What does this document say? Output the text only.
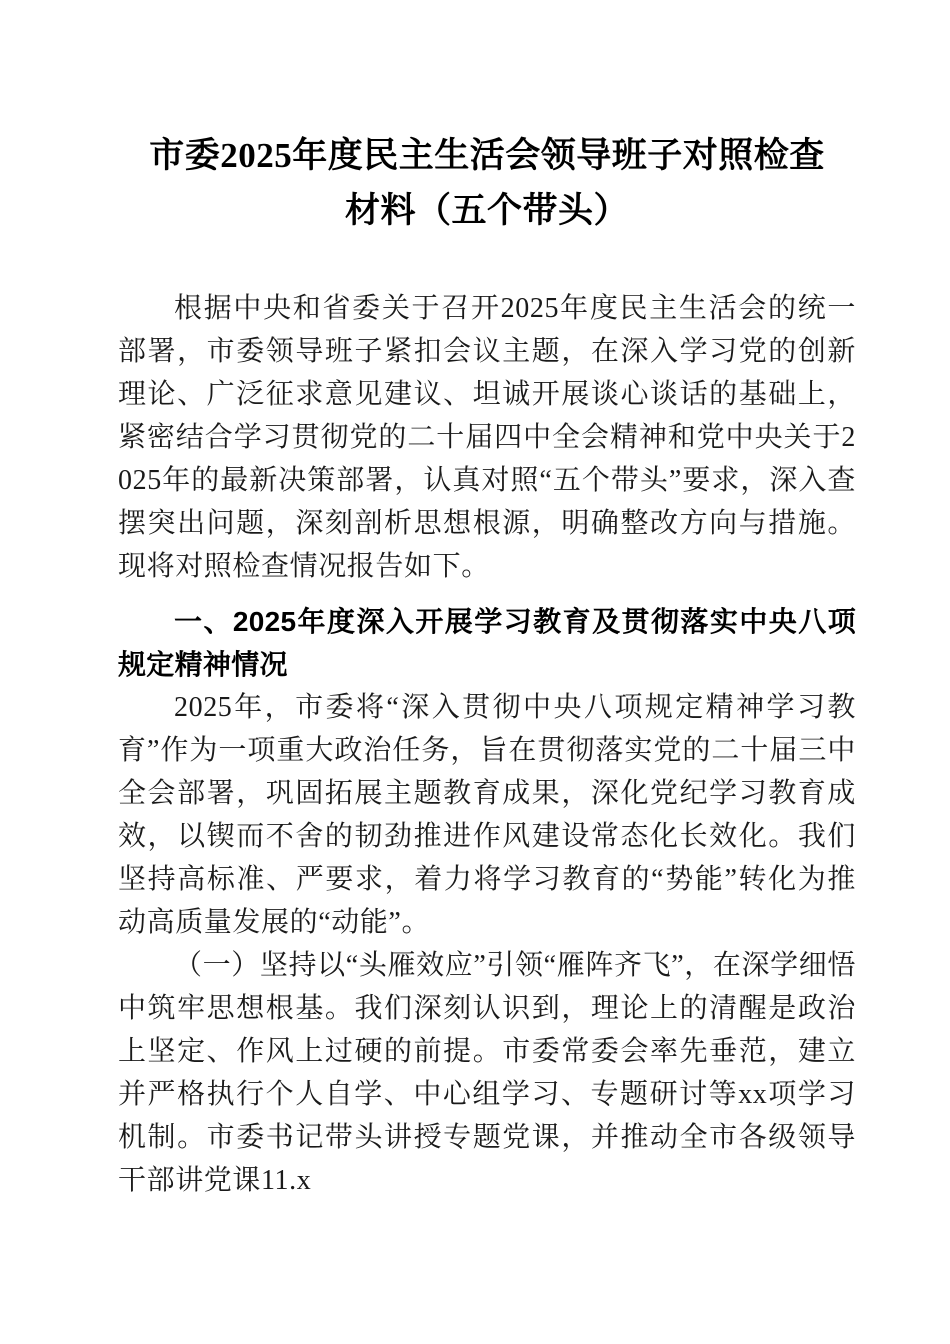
市委2025年度民主生活会领导班子对照检查
材料（五个带头）

根据中央和省委关于召开2025年度民主生活会的统一部署，市委领导班子紧扣会议主题，在深入学习党的创新理论、广泛征求意见建议、坦诚开展谈心谈话的基础上，紧密结合学习贯彻党的二十届四中全会精神和党中央关于2025年的最新决策部署，认真对照“五个带头”要求，深入查摆突出问题，深刻剖析思想根源，明确整改方向与措施。现将对照检查情况报告如下。

一、2025年度深入开展学习教育及贯彻落实中央八项规定精神情况

2025年，市委将“深入贯彻中央八项规定精神学习教育”作为一项重大政治任务，旨在贯彻落实党的二十届三中全会部署，巩固拓展主题教育成果，深化党纪学习教育成效，以锲而不舍的韧劲推进作风建设常态化长效化。我们坚持高标准、严要求，着力将学习教育的“势能”转化为推动高质量发展的“动能”。

（一）坚持以“头雁效应”引领“雁阵齐飞”，在深学细悟中筑牢思想根基。我们深刻认识到，理论上的清醒是政治上坚定、作风上过硬的前提。市委常委会率先垂范，建立并严格执行个人自学、中心组学习、专题研讨等xx项学习机制。市委书记带头讲授专题党课，并推动全市各级领导干部讲党课11.x
